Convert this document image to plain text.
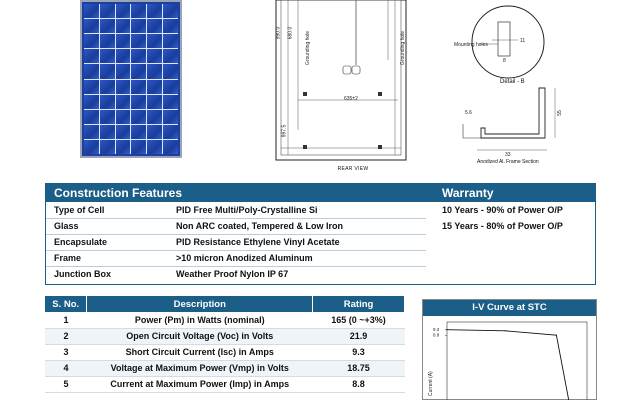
990.0 680.0 Grounding hole	Grounding hole
635±2
997.5
REAR VIEW
Mounting holes
11
8
Detail - B
33
55
5.6
Anodized Al. Frame Section
Construction Features	Warranty
Type of Cell	PID Free Multi/Poly-Crystalline Si	10 Years - 90% of Power O/P
Glass	Non ARC coated, Tempered & Low Iron	15 Years - 80% of Power O/P
Encapsulate	PID Resistance Ethylene Vinyl Acetate
Frame	>10 micron Anodized Aluminum
Junction Box	Weather Proof Nylon IP 67
S. No.	Description	Rating
1	Power (Pm) in Watts (nominal)	165 (0 ~+3%)
2	Open Circuit Voltage (Voc) in Volts	21.9
3	Short Circuit Current (Isc) in Amps	9.3
4	Voltage at Maximum Power (Vmp) in Volts	18.75
5	Current at Maximum Power (Imp) in Amps	8.8
I-V Curve at STC
Current (A)
9.3
8.8
